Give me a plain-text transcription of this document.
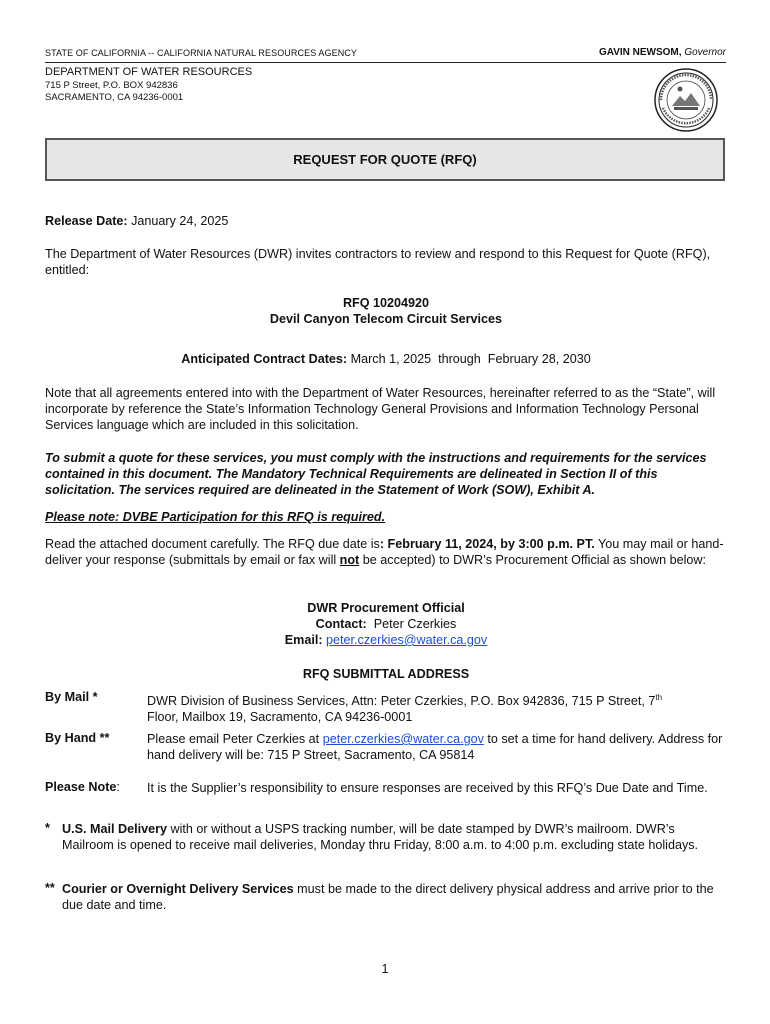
STATE OF CALIFORNIA -- CALIFORNIA NATURAL RESOURCES AGENCY	GAVIN NEWSOM, Governor
DEPARTMENT OF WATER RESOURCES
715 P Street, P.O. BOX 942836
SACRAMENTO, CA 94236-0001
REQUEST FOR QUOTE (RFQ)
Release Date: January 24, 2025
The Department of Water Resources (DWR) invites contractors to review and respond to this Request for Quote (RFQ), entitled:
RFQ 10204920
Devil Canyon Telecom Circuit Services
Anticipated Contract Dates: March 1, 2025  through  February 28, 2030
Note that all agreements entered into with the Department of Water Resources, hereinafter referred to as the “State”, will incorporate by reference the State’s Information Technology General Provisions and Information Technology Personal Services language which are included in this solicitation.
To submit a quote for these services, you must comply with the instructions and requirements for the services contained in this document. The Mandatory Technical Requirements are delineated in Section II of this solicitation. The services required are delineated in the Statement of Work (SOW), Exhibit A.
Please note: DVBE Participation for this RFQ is required.
Read the attached document carefully. The RFQ due date is: February 11, 2024, by 3:00 p.m. PT. You may mail or hand-deliver your response (submittals by email or fax will not be accepted) to DWR’s Procurement Official as shown below:
DWR Procurement Official
Contact:  Peter Czerkies
Email: peter.czerkies@water.ca.gov
RFQ SUBMITTAL ADDRESS
By Mail *	DWR Division of Business Services, Attn: Peter Czerkies, P.O. Box 942836, 715 P Street, 7th
Floor, Mailbox 19, Sacramento, CA 94236-0001
By Hand **	Please email Peter Czerkies at peter.czerkies@water.ca.gov to set a time for hand delivery. Address for hand delivery will be: 715 P Street, Sacramento, CA 95814
Please Note: It is the Supplier’s responsibility to ensure responses are received by this RFQ’s Due Date and Time.
* U.S. Mail Delivery with or without a USPS tracking number, will be date stamped by DWR’s mailroom. DWR’s Mailroom is opened to receive mail deliveries, Monday thru Friday, 8:00 a.m. to 4:00 p.m. excluding state holidays.
** Courier or Overnight Delivery Services must be made to the direct delivery physical address and arrive prior to the due date and time.
1
